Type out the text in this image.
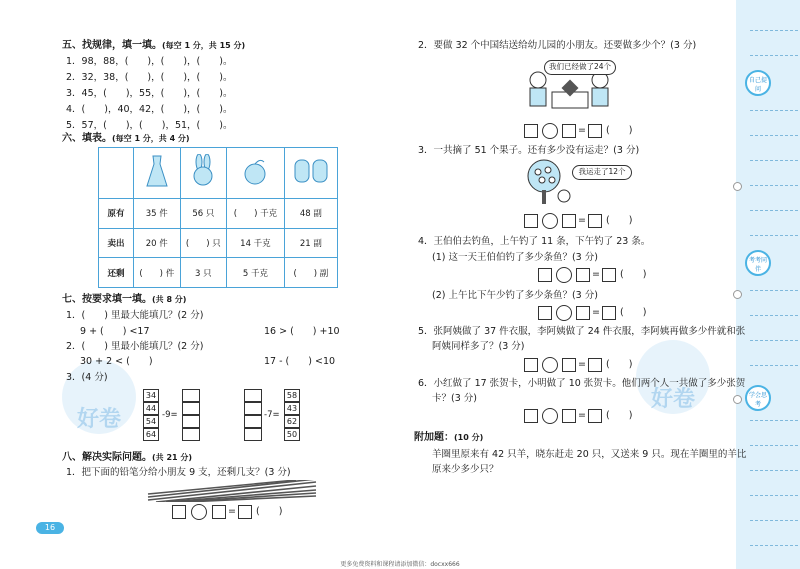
自己提问
考考同伴
学会思考
好卷
好卷
五、找规律，填一填。(每空 1 分，共 15 分)
1．98，88，(　　)，(　　)，(　　)。
2．32，38，(　　)，(　　)，(　　)。
3．45，(　　)，55，(　　)，(　　)。
4．(　　)，40，42，(　　)，(　　)。
5．57，(　　)，(　　)，51，(　　)。
六、填表。(每空 1 分，共 4 分)

原有	35 件	56 只	(　　) 千克	48 副
卖出	20 件	(　　) 只	14 千克	21 副
还剩	(　　) 件	3 只	5 千克	(　　) 副
七、按要求填一填。(共 8 分)
1．(　　) 里最大能填几？(2 分)
9 + (　　) <17	16 > (　　) +10
2．(　　) 里最小能填几？(2 分)
30 + 2 < (　　)	17 - (　　) <10
3．(4 分)
34
44
54
64
-9=	-7=
58
43
62
50
八、解决实际问题。(共 21 分)
1．把下面的铅笔分给小朋友 9 支，还剩几支？(3 分)
= (　　)
16
2．要做 32 个中国结送给幼儿园的小朋友。还要做多少个？(3 分)
我们已经做了24个
= (　　)
3．一共摘了 51 个果子。还有多少没有运走？(3 分)
我运走了12个
= (　　)
4．王伯伯去钓鱼，上午钓了 11 条，下午钓了 23 条。
(1) 这一天王伯伯钓了多少条鱼？(3 分)
= (　　)
(2) 上午比下午少钓了多少条鱼？(3 分)
= (　　)
5．张阿姨做了 37 件衣服，李阿姨做了 24 件衣服，李阿姨再做多少件就和张
阿姨同样多了？(3 分)
= (　　)
6．小红做了 17 张贺卡，小明做了 10 张贺卡。他们两个人一共做了多少张贺
卡？(3 分)
= (　　)
附加题：(10 分)
羊圈里原来有 42 只羊，晓东赶走 20 只，又送来 9 只。现在羊圈里的羊比
原来少多少只？
更多免费资料和课程请添加微信：docxx666
